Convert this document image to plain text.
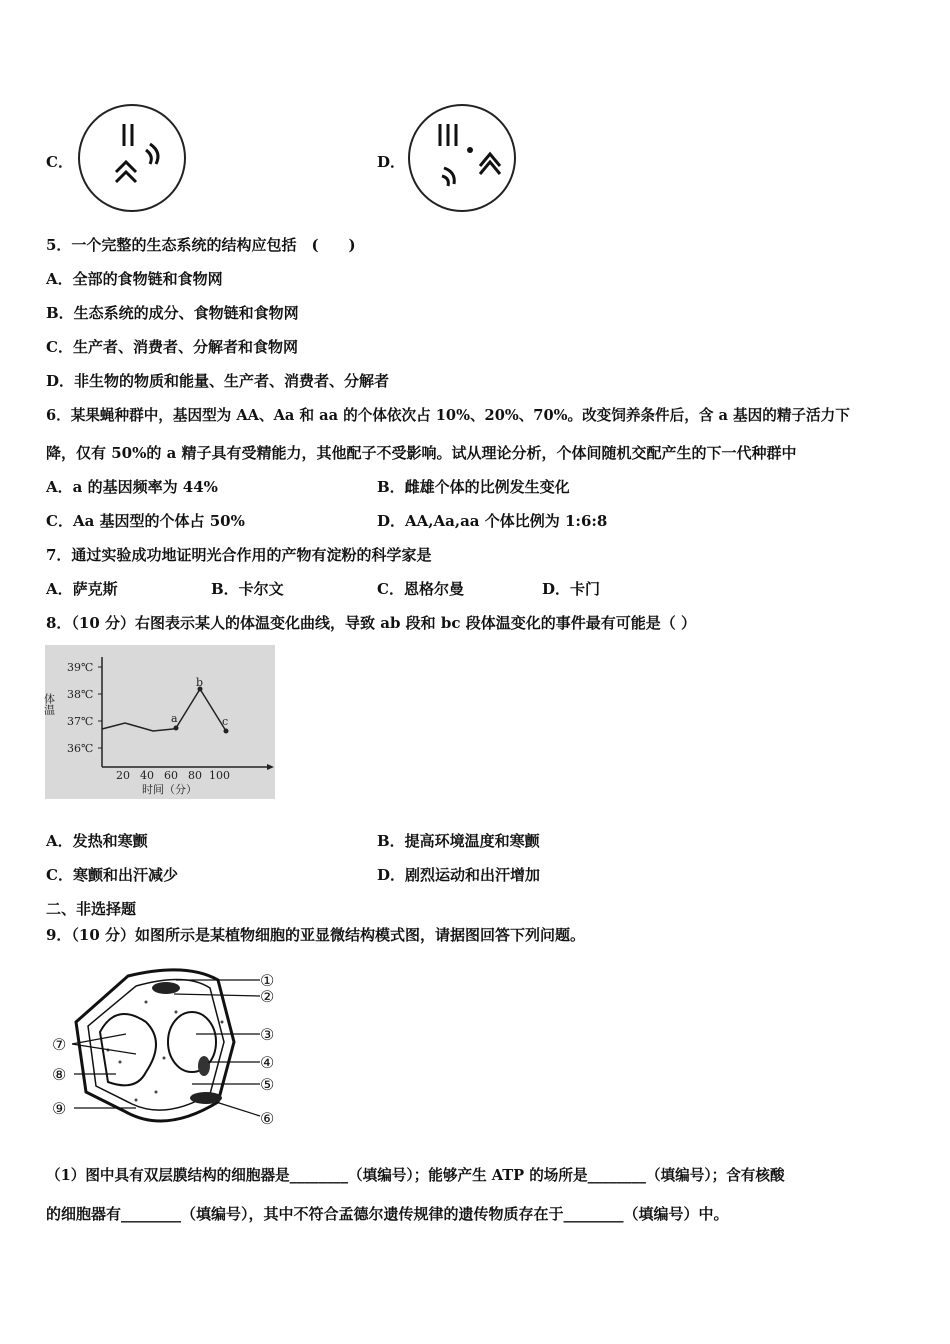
C．	D．
5．一个完整的生态系统的结构应包括　(　　)
A．全部的食物链和食物网
B．生态系统的成分、食物链和食物网
C．生产者、消费者、分解者和食物网
D．非生物的物质和能量、生产者、消费者、分解者
6．某果蝇种群中，基因型为 AA、Aa 和 aa 的个体依次占 10%、20%、70%。改变饲养条件后，含 a 基因的精子活力下
降，仅有 50%的 a 精子具有受精能力，其他配子不受影响。试从理论分析，个体间随机交配产生的下一代种群中
A．a 的基因频率为 44%	B．雌雄个体的比例发生变化
C．Aa 基因型的个体占 50%	D．AA,Aa,aa 个体比例为 1:6:8
7．通过实验成功地证明光合作用的产物有淀粉的科学家是
A．萨克斯	B．卡尔文	C．恩格尔曼	D．卡门
8．（10 分）右图表示某人的体温变化曲线，导致 ab 段和 bc 段体温变化的事件最有可能是（ ）
39℃
38℃
37℃
36℃
体温
20 40 60 80 100
时间（分）
a
b
c
A．发热和寒颤	B．提高环境温度和寒颤
C．寒颤和出汗减少	D．剧烈运动和出汗增加
二、非选择题
9．（10 分）如图所示是某植物细胞的亚显微结构模式图，请据图回答下列问题。
①
②
③
④
⑤
⑥
⑦
⑧
⑨
（1）图中具有双层膜结构的细胞器是________（填编号）；能够产生 ATP 的场所是________（填编号）；含有核酸
的细胞器有________（填编号），其中不符合孟德尔遗传规律的遗传物质存在于________（填编号）中。
